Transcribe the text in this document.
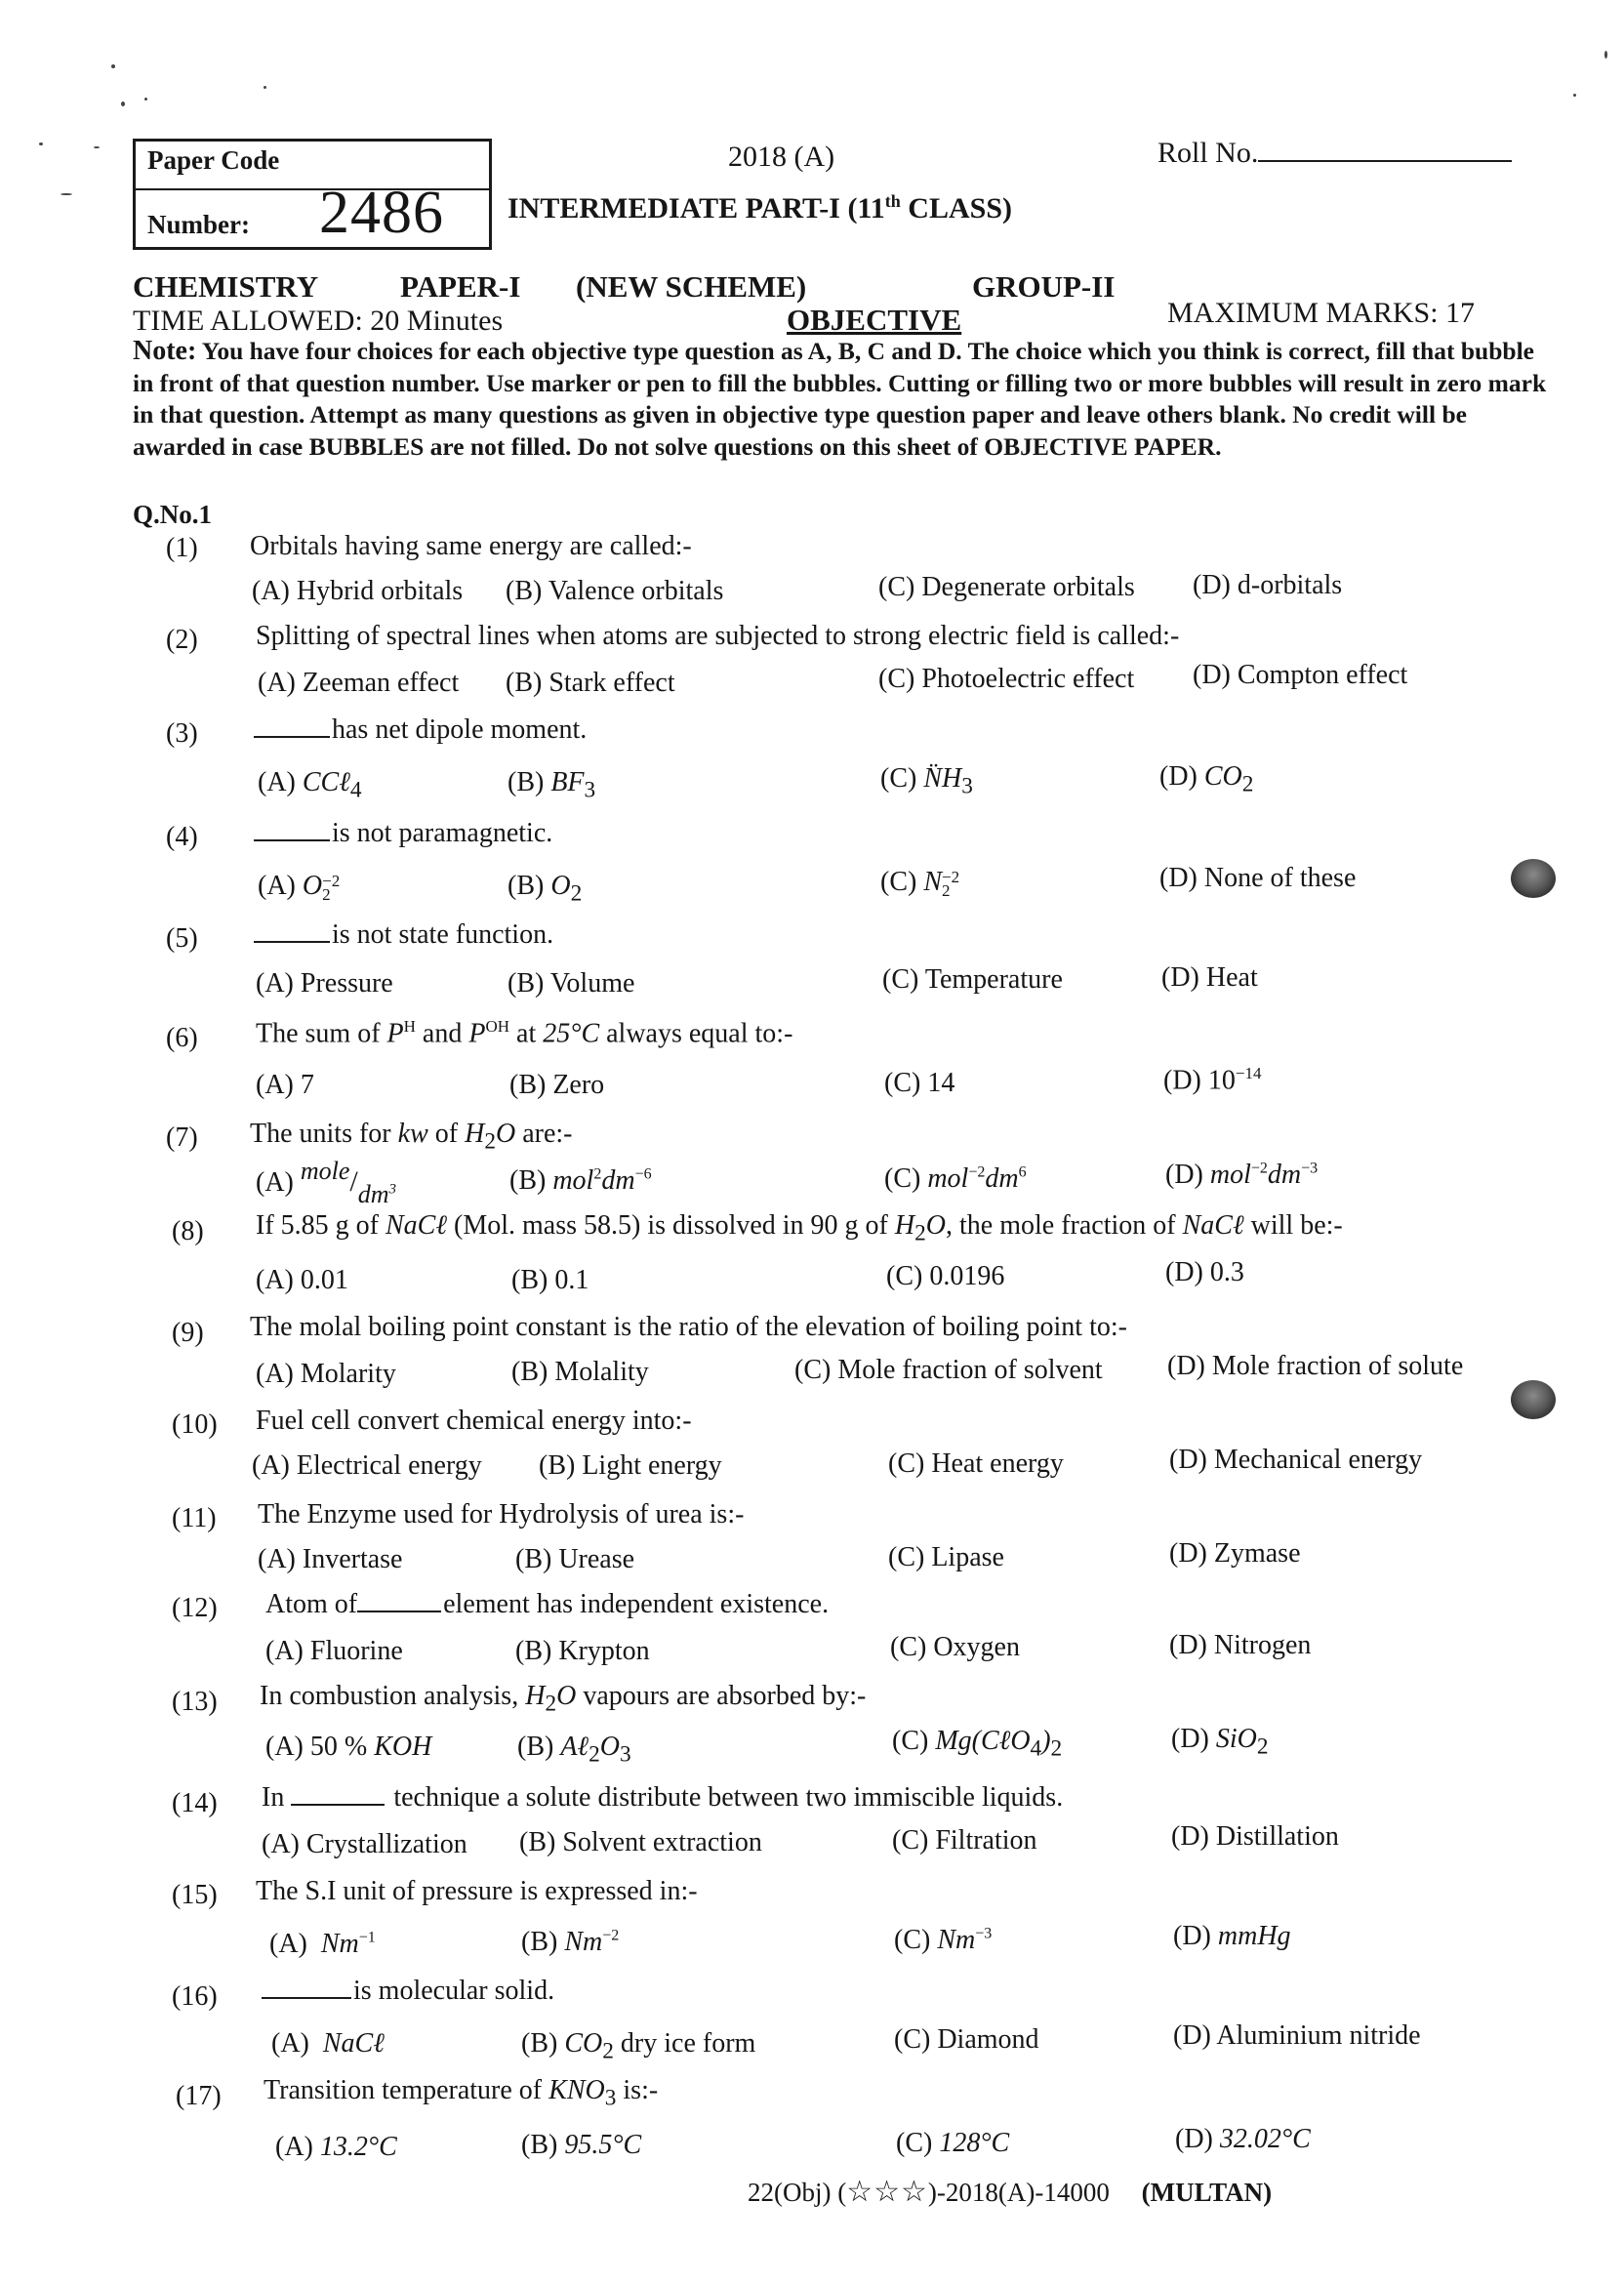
Paper Code
Number: 2486
2018 (A)	Roll No.
INTERMEDIATE PART-I (11th CLASS)
CHEMISTRY	PAPER-I (NEW SCHEME)	GROUP-II
TIME ALLOWED: 20 Minutes	OBJECTIVE	MAXIMUM MARKS: 17
Note: You have four choices for each objective type question as A, B, C and D. The choice which you think is correct, fill that bubble in front of that question number. Use marker or pen to fill the bubbles. Cutting or filling two or more bubbles will result in zero mark in that question. Attempt as many questions as given in objective type question paper and leave others blank. No credit will be awarded in case BUBBLES are not filled. Do not solve questions on this sheet of OBJECTIVE PAPER.
Q.No.1
(1) Orbitals having same energy are called:-
(A) Hybrid orbitals (B) Valence orbitals	(C) Degenerate orbitals (D) d-orbitals
(2) Splitting of spectral lines when atoms are subjected to strong electric field is called:-
(A) Zeeman effect (B) Stark effect	(C) Photoelectric effect (D) Compton effect
(3)	has net dipole moment.
(A) CCℓ$_4$	(B) $BF_3$	(C) $N̈H_3$	(D) $CO_2$
(4)	is not paramagnetic.
(A) O −2
2	(B) $O_2$	(C) N −2
2	(D) None of these
(5)	is not state function.
(A) Pressure	(B) Volume	(C) Temperature	(D) Heat
(6) The sum of $P^H$ and $P^{OH}$ at 25°C always equal to:-
(A) 7	(B) Zero	(C) 14	(D) $10^{-14}$
(7) The units for kw of $H_2O$ are:-
(A) mole/$dm^3$	(B) $mol^2dm^{-6}$	(C) $mol^{-2}dm^6$	(D) $mol^{-2}dm^{-3}$
(8) If 5.85 g of NaCℓ (Mol. mass 58.5) is dissolved in 90 g of $H_2O$, the mole fraction of NaCℓ will be:-
(A) 0.01	(B) 0.1	(C) 0.0196	(D) 0.3
(9) The molal boiling point constant is the ratio of the elevation of boiling point to:-
(A) Molarity	(B) Molality	(C) Mole fraction of solvent (D) Mole fraction of solute
(10) Fuel cell convert chemical energy into:-
(A) Electrical energy (B) Light energy	(C) Heat energy	(D) Mechanical energy
(11) The Enzyme used for Hydrolysis of urea is:-
(A) Invertase	(B) Urease	(C) Lipase	(D) Zymase
(12) Atom of	element has independent existence.
(A) Fluorine	(B) Krypton	(C) Oxygen	(D) Nitrogen
(13) In combustion analysis, $H_2O$ vapours are absorbed by:-
(A) 50 % KOH	(B) $A\ell_2O_3$	(C) $Mg(C\ell O_4)_2$	(D) SiO$_2$
(14) In	technique a solute distribute between two immiscible liquids.
(A) Crystallization (B) Solvent extraction	(C) Filtration	(D) Distillation
(15) The S.I unit of pressure is expressed in:-
(A) $Nm^{-1}$	(B) $Nm^{-2}$	(C) $Nm^{-3}$	(D) mmHg
(16)	is molecular solid.
(A) NaCℓ	(B) $CO_2$ dry ice form	(C) Diamond	(D) Aluminium nitride
(17) Transition temperature of $KNO_3$ is:-
(A) 13.2°C	(B) 95.5°C	(C) 128°C	(D) 32.02°C
22(Obj) (☆☆☆)-2018(A)-14000 (MULTAN)
